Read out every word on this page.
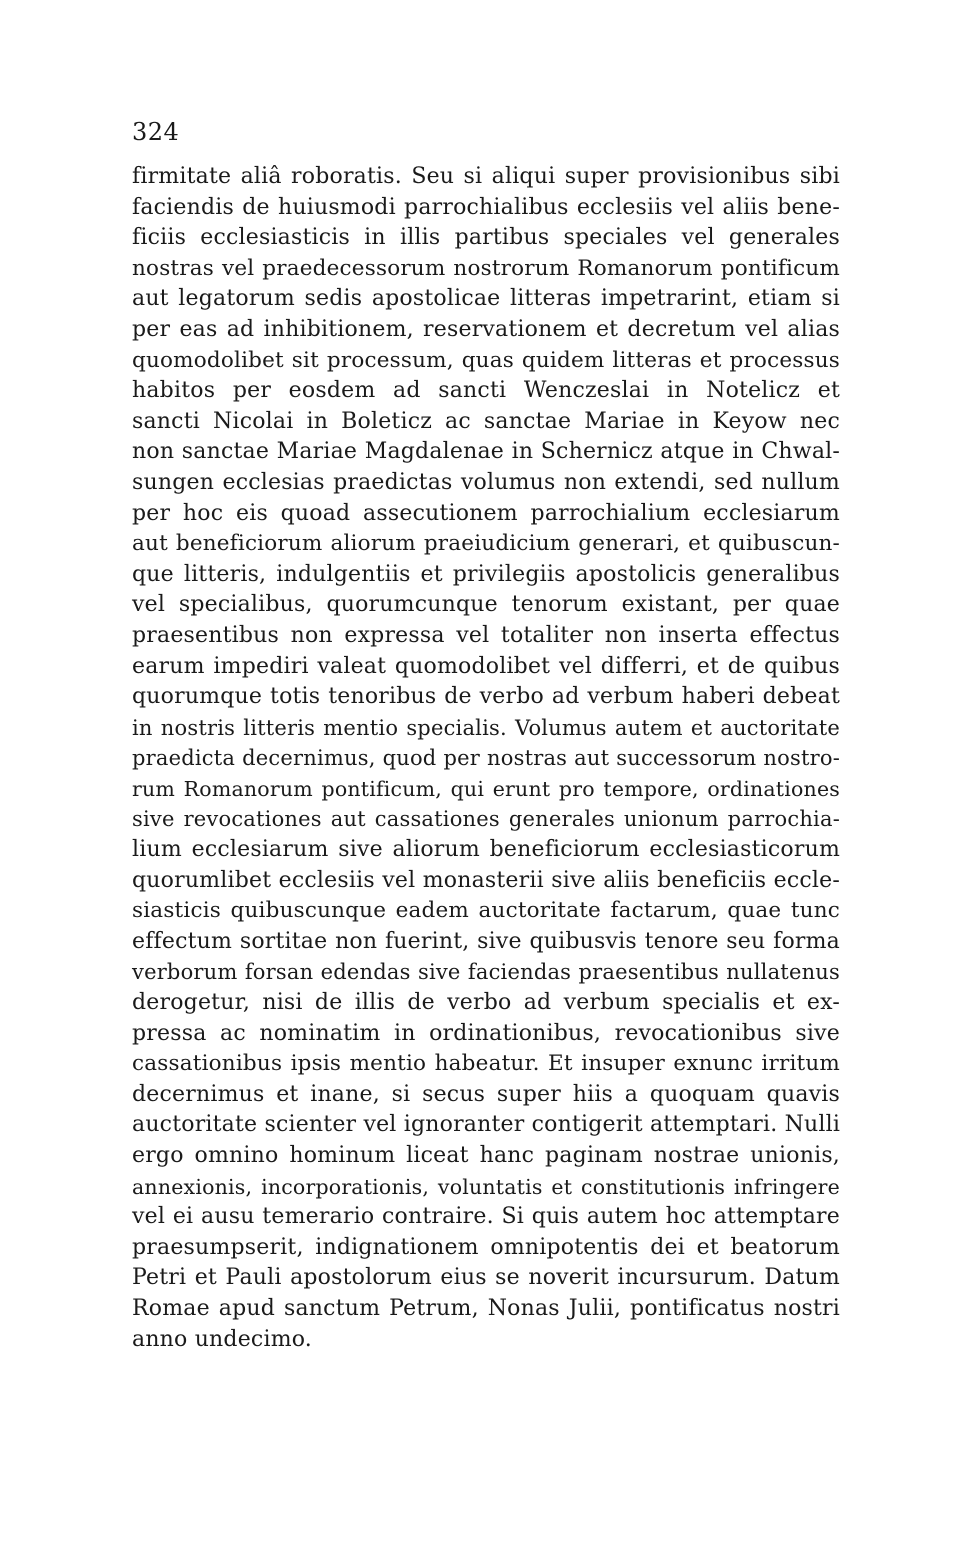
324
firmitate aliâ roboratis. Seu si aliqui super provisionibus sibi
faciendis de huiusmodi parrochialibus ecclesiis vel aliis bene-
ficiis ecclesiasticis in illis partibus speciales vel generales
nostras vel praedecessorum nostrorum Romanorum pontificum
aut legatorum sedis apostolicae litteras impetrarint, etiam si
per eas ad inhibitionem, reservationem et decretum vel alias
quomodolibet sit processum, quas quidem litteras et processus
habitos per eosdem ad sancti Wenczeslai in Notelicz et
sancti Nicolai in Boleticz ac sanctae Mariae in Keyow nec
non sanctae Mariae Magdalenae in Schernicz atque in Chwal-
sungen ecclesias praedictas volumus non extendi, sed nullum
per hoc eis quoad assecutionem parrochialium ecclesiarum
aut beneficiorum aliorum praeiudicium generari, et quibuscun-
que litteris, indulgentiis et privilegiis apostolicis generalibus
vel specialibus, quorumcunque tenorum existant, per quae
praesentibus non expressa vel totaliter non inserta effectus
earum impediri valeat quomodolibet vel differri, et de quibus
quorumque totis tenoribus de verbo ad verbum haberi debeat
in nostris litteris mentio specialis. Volumus autem et auctoritate
praedicta decernimus, quod per nostras aut successorum nostro-
rum Romanorum pontificum, qui erunt pro tempore, ordinationes
sive revocationes aut cassationes generales unionum parrochia-
lium ecclesiarum sive aliorum beneficiorum ecclesiasticorum
quorumlibet ecclesiis vel monasterii sive aliis beneficiis eccle-
siasticis quibuscunque eadem auctoritate factarum, quae tunc
effectum sortitae non fuerint, sive quibusvis tenore seu forma
verborum forsan edendas sive faciendas praesentibus nullatenus
derogetur, nisi de illis de verbo ad verbum specialis et ex-
pressa ac nominatim in ordinationibus, revocationibus sive
cassationibus ipsis mentio habeatur. Et insuper exnunc irritum
decernimus et inane, si secus super hiis a quoquam quavis
auctoritate scienter vel ignoranter contigerit attemptari. Nulli
ergo omnino hominum liceat hanc paginam nostrae unionis,
annexionis, incorporationis, voluntatis et constitutionis infringere
vel ei ausu temerario contraire. Si quis autem hoc attemptare
praesumpserit, indignationem omnipotentis dei et beatorum
Petri et Pauli apostolorum eius se noverit incursurum. Datum
Romae apud sanctum Petrum, Nonas Julii, pontificatus nostri
anno undecimo.
